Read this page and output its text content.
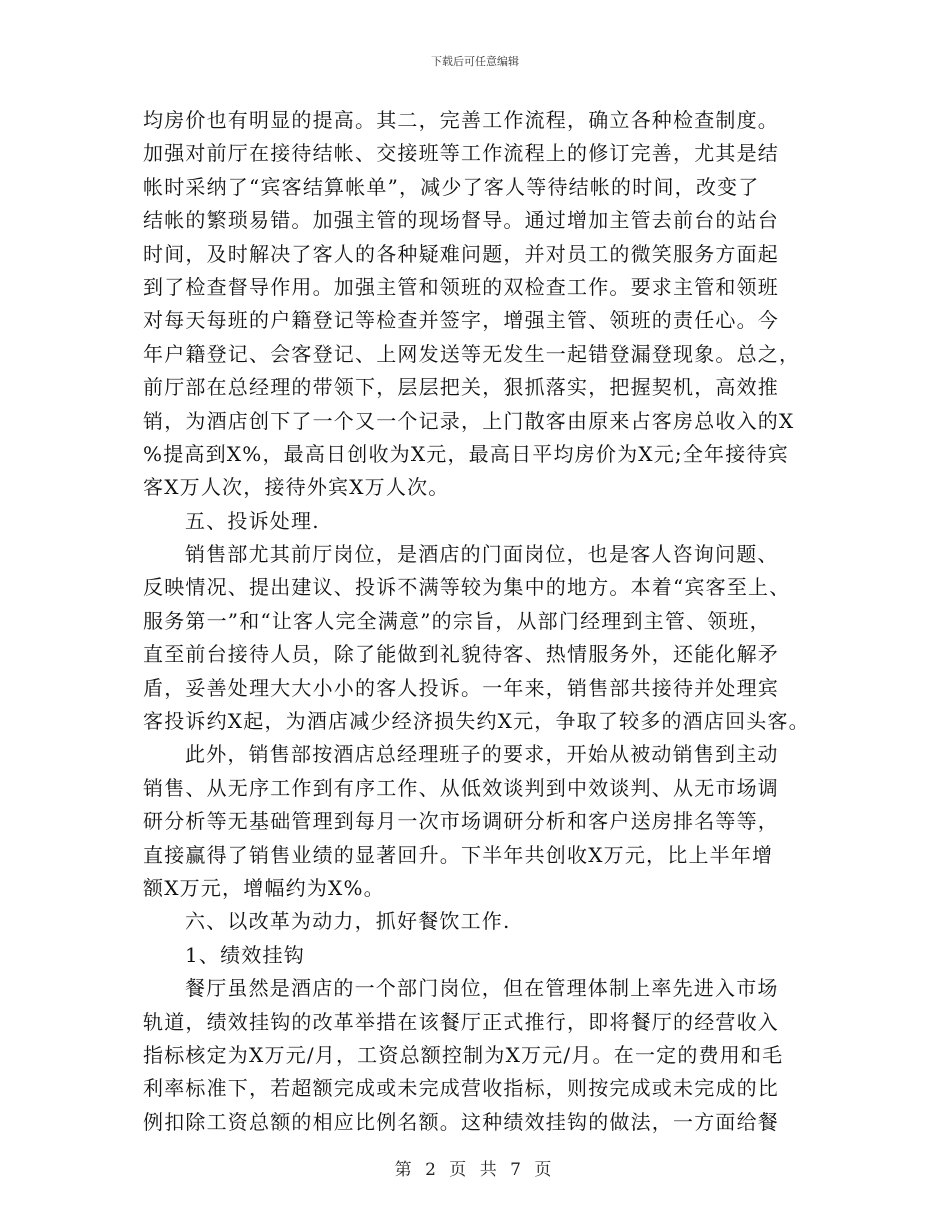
下载后可任意编辑
均房价也有明显的提高。其二，完善工作流程，确立各种检查制度。
加强对前厅在接待结帐、交接班等工作流程上的修订完善，尤其是结
帐时采纳了“宾客结算帐单”，减少了客人等待结帐的时间，改变了
结帐的繁琐易错。加强主管的现场督导。通过增加主管去前台的站台
时间，及时解决了客人的各种疑难问题，并对员工的微笑服务方面起
到了检查督导作用。加强主管和领班的双检查工作。要求主管和领班
对每天每班的户籍登记等检查并签字，增强主管、领班的责任心。今
年户籍登记、会客登记、上网发送等无发生一起错登漏登现象。总之，
前厅部在总经理的带领下，层层把关，狠抓落实，把握契机，高效推
销，为酒店创下了一个又一个记录，上门散客由原来占客房总收入的X
%提高到X%，最高日创收为X元，最高日平均房价为X元;全年接待宾
客X万人次，接待外宾X万人次。
五、投诉处理.
销售部尤其前厅岗位，是酒店的门面岗位，也是客人咨询问题、
反映情况、提出建议、投诉不满等较为集中的地方。本着“宾客至上、
服务第一”和“让客人完全满意”的宗旨，从部门经理到主管、领班，
直至前台接待人员，除了能做到礼貌待客、热情服务外，还能化解矛
盾，妥善处理大大小小的客人投诉。一年来，销售部共接待并处理宾
客投诉约X起，为酒店减少经济损失约X元，争取了较多的酒店回头客。
此外，销售部按酒店总经理班子的要求，开始从被动销售到主动
销售、从无序工作到有序工作、从低效谈判到中效谈判、从无市场调
研分析等无基础管理到每月一次市场调研分析和客户送房排名等等，
直接赢得了销售业绩的显著回升。下半年共创收X万元，比上半年增
额X万元，增幅约为X%。
六、以改革为动力，抓好餐饮工作.
1、绩效挂钩
餐厅虽然是酒店的一个部门岗位，但在管理体制上率先进入市场
轨道，绩效挂钩的改革举措在该餐厅正式推行，即将餐厅的经营收入
指标核定为X万元/月，工资总额控制为X万元/月。在一定的费用和毛
利率标准下，若超额完成或未完成营收指标，则按完成或未完成的比
例扣除工资总额的相应比例名额。这种绩效挂钩的做法，一方面给餐
第 2 页 共 7 页
